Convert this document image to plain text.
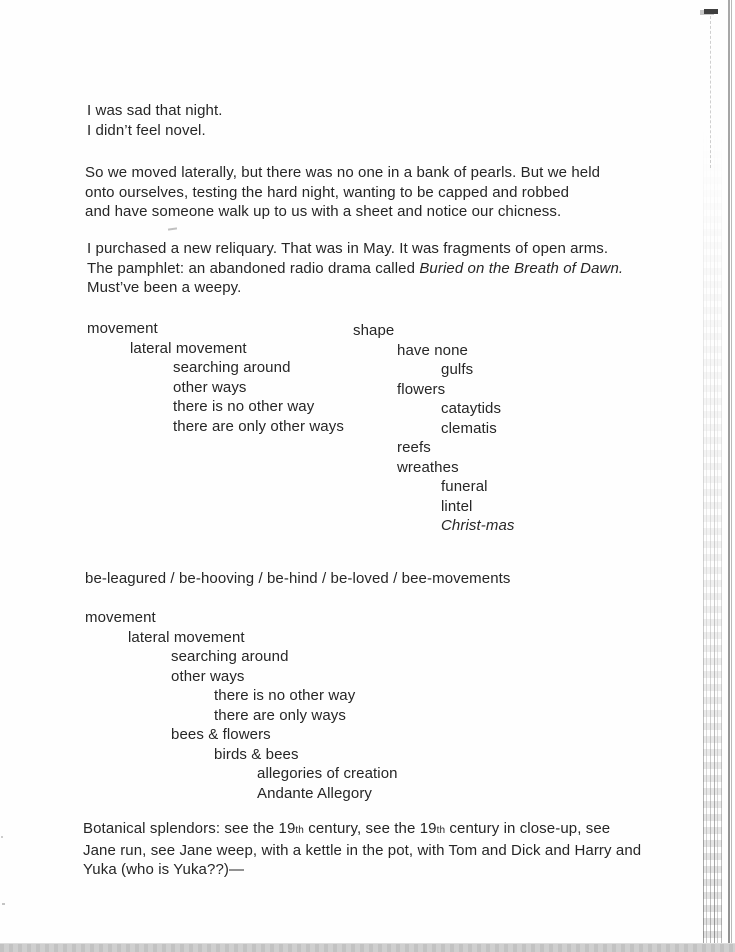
I was sad that night.
I didn’t feel novel.
So we moved laterally, but there was no one in a bank of pearls. But we held
onto ourselves, testing the hard night, wanting to be capped and robbed
and have someone walk up to us with a sheet and notice our chicness.
I purchased a new reliquary. That was in May. It was fragments of open arms.
The pamphlet: an abandoned radio drama called Buried on the Breath of Dawn.
Must’ve been a weepy.
movement
lateral movement
searching around
other ways
there is no other way
there are only other ways
shape
have none
gulfs
flowers
cataytids
clematis
reefs
wreathes
funeral
lintel
Christ-mas
be-leagured / be-hooving / be-hind / be-loved / bee-movements
movement
lateral movement
searching around
other ways
there is no other way
there are only ways
bees & flowers
birds & bees
allegories of creation
Andante Allegory
Botanical splendors: see the 19th century, see the 19th century in close-up, see
Jane run, see Jane weep, with a kettle in the pot, with Tom and Dick and Harry and
Yuka (who is Yuka??)—
